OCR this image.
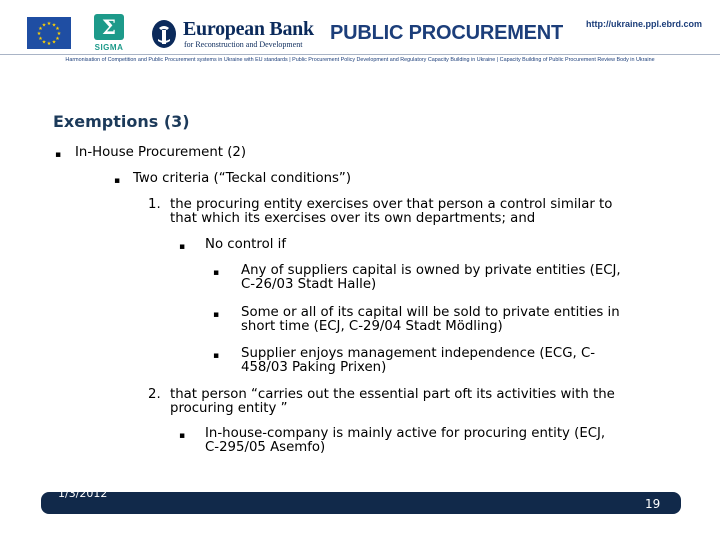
★ ★
★
★
★
★
★
★
★
★
★
★	Σ
SIGMA
European Bank
for Reconstruction and Development
PUBLIC PROCUREMENT	http://ukraine.ppl.ebrd.com
Harmonisation of Competition and Public Procurement systems in Ukraine with EU standards | Public Procurement Policy Development and Regulatory Capacity Building in Ukraine | Capacity Building of Public Procurement Review Body in Ukraine
Exemptions (3)
▪ In-House Procurement (2)
▪ Two criteria (“Teckal conditions”)
1. the procuring entity exercises over that person a control similar to
that which its exercises over its own departments; and
▪ No control if
▪ Any of suppliers capital is owned by private entities (ECJ,
C-26/03 Stadt Halle)
▪ Some or all of its capital will be sold to private entities in
short time (ECJ, C-29/04 Stadt Mödling)
▪ Supplier enjoys management independence (ECG, C-
458/03 Paking Prixen)
2. that person “carries out the essential part oft its activities with the
procuring entity ”
▪ In-house-company is mainly active for procuring entity (ECJ,
C-295/05 Asemfo)
1/3/2012
19
